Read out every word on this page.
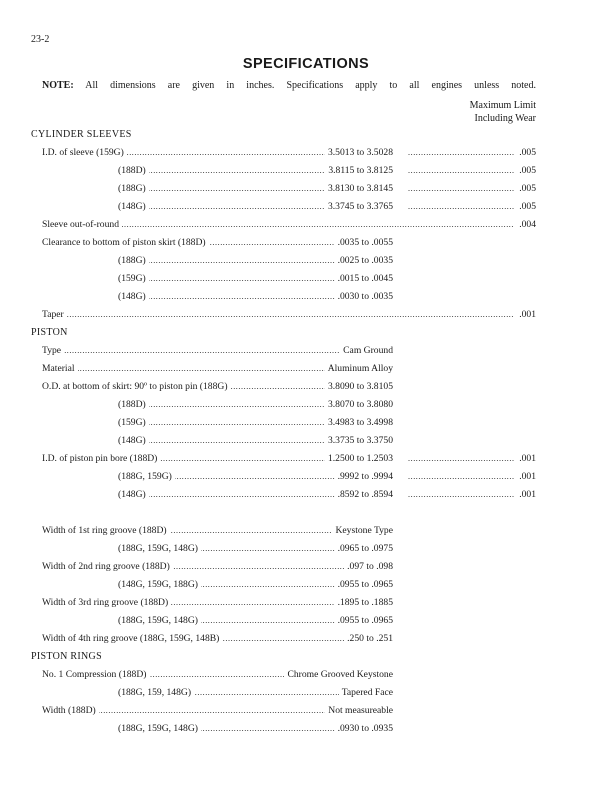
23-2
SPECIFICATIONS
NOTE: All dimensions are given in inches. Specifications apply to all engines unless noted.
Maximum Limit
Including Wear
CYLINDER SLEEVES
.....
I.D. of sleeve (159G)	3.5013 to 3.5028 .....	.005
.....
(188D)	3.8115 to 3.8125 .....	.005
.....
(188G)	3.8130 to 3.8145 .....	.005
.....
(148G)	3.3745 to 3.3765 .....	.005
.....
Sleeve out-of-round	.004
.....
Clearance to bottom of piston skirt (188D)	.0035 to .0055
.....
(188G)	.0025 to .0035
.....
(159G)	.0015 to .0045
.....
(148G)	.0030 to .0035
.....
Taper	.001
PISTON
.....
Type	Cam Ground
.....
Material	Aluminum Alloy
.....
O.D. at bottom of skirt: 90º to piston pin (188G)	3.8090 to 3.8105
.....
(188D)	3.8070 to 3.8080
.....
(159G)	3.4983 to 3.4998
.....
(148G)	3.3735 to 3.3750
.....
I.D. of piston pin bore (188D)	1.2500 to 1.2503 .....	.001
.....
(188G, 159G)	.9992 to .9994 .....	.001
.....
(148G)	.8592 to .8594 .....	.001
.....
Width of 1st ring groove (188D)	Keystone Type
.....
(188G, 159G, 148G)	.0965 to .0975
.....
Width of 2nd ring groove (188D)	.097 to .098
.....
(148G, 159G, 188G)	.0955 to .0965
.....
Width of 3rd ring groove (188D)	.1895 to .1885
.....
(188G, 159G, 148G)	.0955 to .0965
.....
Width of 4th ring groove (188G, 159G, 148B)	.250 to .251
PISTON RINGS
.....
No. 1 Compression (188D)	Chrome Grooved Keystone
.....
(188G, 159, 148G)	Tapered Face
.....
Width (188D)	Not measureable
.....
(188G, 159G, 148G)	.0930 to .0935
